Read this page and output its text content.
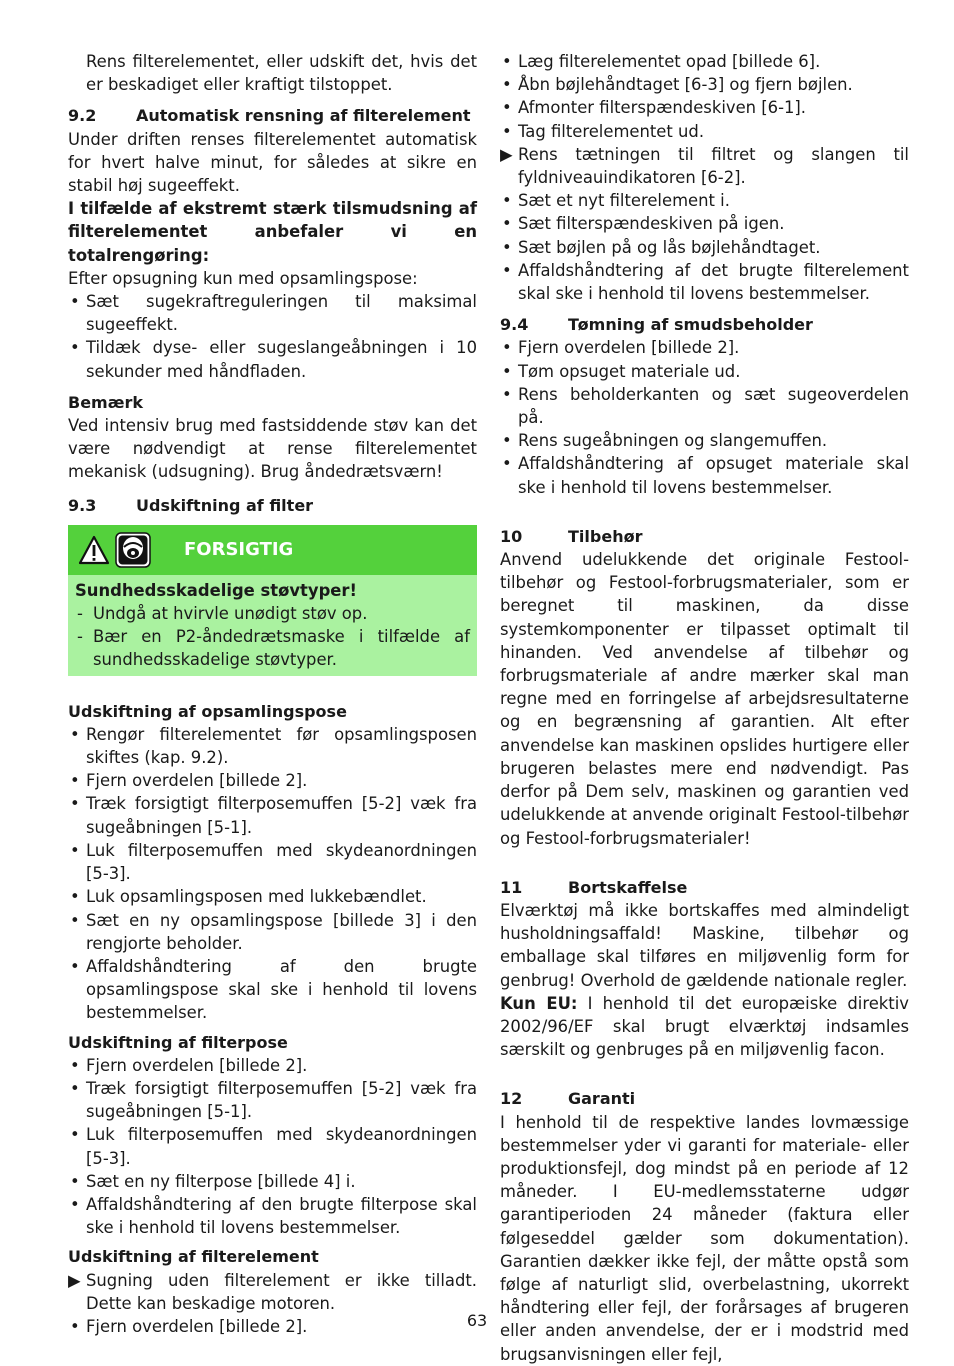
Rens filterelementet, eller udskift det, hvis det er beskadiget eller kraftigt tilstoppet.

9.2 Automatisk rensning af filterelement

Under driften renses filterelementet automatisk for hvert halve minut, for således at sikre en stabil høj sugeeffekt.

I tilfælde af ekstremt stærk tilsmudsning af filterelementet anbefaler vi en totalrengøring:

Efter opsugning kun med opsamlingspose:

• Sæt sugekraftreguleringen til maksimal sugeeffekt.
• Tildæk dyse- eller sugeslangeåbningen i 10 sekunder med håndfladen.
Bemærk

Ved intensiv brug med fastsiddende støv kan det være nødvendigt at rense filterelementet mekanisk (udsugning). Brug åndedrætsværn!

9.3 Udskiftning af filter
FORSIGTIG
Sundhedsskadelige støvtyper!
- Undgå at hvirvle unødigt støv op.
- Bær en P2-åndedrætsmaske i tilfælde af sundhedsskadelige støvtyper.
Udskiftning af opsamlingspose
• Rengør filterelementet før opsamlingsposen skiftes (kap. 9.2).
• Fjern overdelen [billede 2].
• Træk forsigtigt filterposemuffen [5-2] væk fra sugeåbningen [5-1].
• Luk filterposemuffen med skydeanordningen [5-3].
• Luk opsamlingsposen med lukkebændlet.
• Sæt en ny opsamlingspose [billede 3] i den rengjorte beholder.
• Affaldshåndtering af den brugte opsamlingspose skal ske i henhold til lovens bestemmelser.
Udskiftning af filterpose
• Fjern overdelen [billede 2].
• Træk forsigtigt filterposemuffen [5-2] væk fra sugeåbningen [5-1].
• Luk filterposemuffen med skydeanordningen [5-3].
• Sæt en ny filterpose [billede 4] i.
• Affaldshåndtering af den brugte filterpose skal ske i henhold til lovens bestemmelser.
Udskiftning af filterelement
▶ Sugning uden filterelement er ikke tilladt. Dette kan beskadige motoren.
• Fjern overdelen [billede 2].
• Læg filterelementet opad [billede 6].
• Åbn bøjlehåndtaget [6-3] og fjern bøjlen.
• Afmonter filterspændeskiven [6-1].
• Tag filterelementet ud.
▶ Rens tætningen til filtret og slangen til fyldniveauindikatoren [6-2].
• Sæt et nyt filterelement i.
• Sæt filterspændeskiven på igen.
• Sæt bøjlen på og lås bøjlehåndtaget.
• Affaldshåndtering af det brugte filterelement skal ske i henhold til lovens bestemmelser.
9.4 Tømning af smudsbeholder
• Fjern overdelen [billede 2].
• Tøm opsuget materiale ud.
• Rens beholderkanten og sæt sugeoverdelen på.
• Rens sugeåbningen og slangemuffen.
• Affaldshåndtering af opsuget materiale skal ske i henhold til lovens bestemmelser.
10	Tilbehør

Anvend udelukkende det originale Festool-tilbehør og Festool-forbrugsmaterialer, som er beregnet til maskinen, da disse systemkomponenter er tilpasset optimalt til hinanden. Ved anvendelse af tilbehør og forbrugsmateriale af andre mærker skal man regne med en forringelse af arbejdsresultaterne og en begrænsning af garantien. Alt efter anvendelse kan maskinen opslides hurtigere eller brugeren belastes mere end nødvendigt. Pas derfor på Dem selv, maskinen og garantien ved udelukkende at anvende originalt Festool-tilbehør og Festool-forbrugsmaterialer!

11	Bortskaffelse

Elværktøj må ikke bortskaffes med almindeligt husholdningsaffald! Maskine, tilbehør og emballage skal tilføres en miljøvenlig form for genbrug! Overhold de gældende nationale regler.

Kun EU: I henhold til det europæiske direktiv 2002/96/EF skal brugt elværktøj indsamles særskilt og genbruges på en miljøvenlig facon.

12	Garanti

I henhold til de respektive landes lovmæssige bestemmelser yder vi garanti for materiale- eller produktionsfejl, dog mindst på en periode af 12 måneder. I EU-medlemsstaterne udgør garantiperioden 24 måneder (faktura eller følgeseddel gælder som dokumentation). Garantien dækker ikke fejl, der måtte opstå som følge af naturligt slid, overbelastning, ukorrekt håndtering eller fejl, der forårsages af brugeren eller anden anvendelse, der er i modstrid med brugsanvisningen eller fejl,

63
